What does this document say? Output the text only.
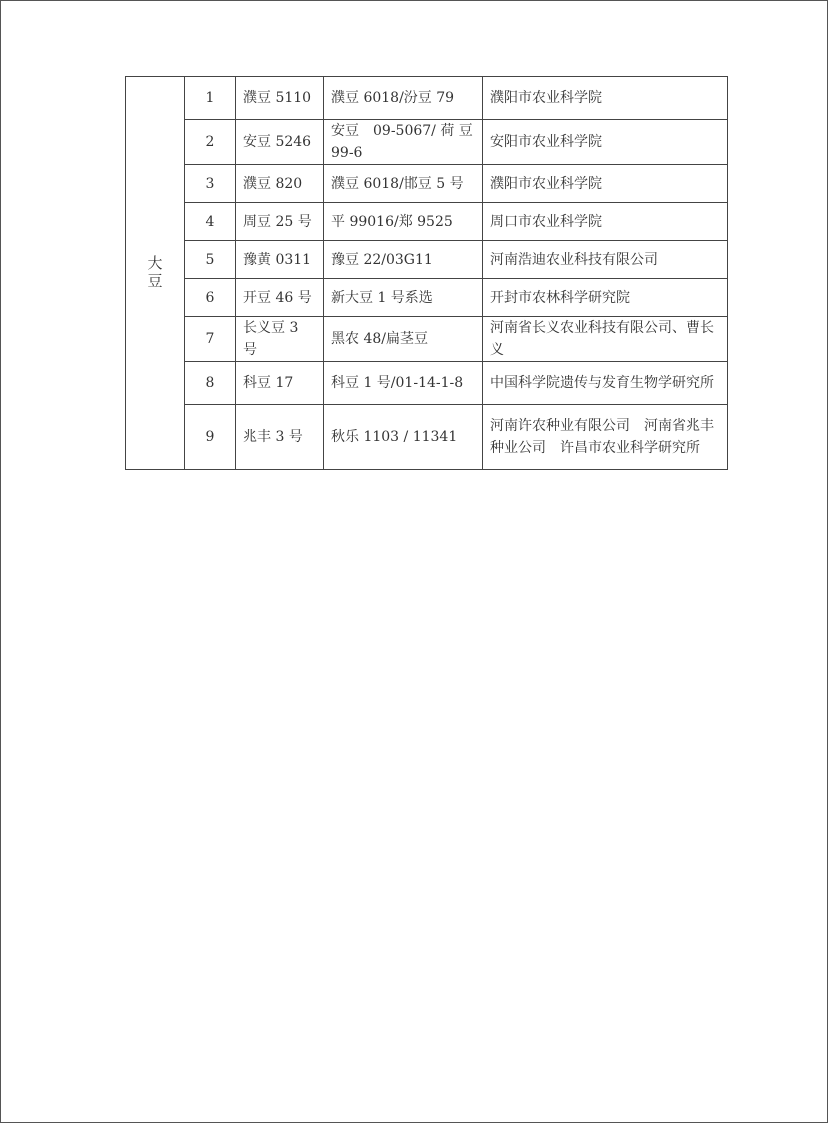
大豆	1	濮豆 5110	濮豆 6018/汾豆 79	濮阳市农业科学院
	2	安豆 5246	安豆　09-5067/ 荷 豆 99-6	安阳市农业科学院
	3	濮豆 820	濮豆 6018/邯豆 5 号	濮阳市农业科学院
	4	周豆 25 号	平 99016/郑 9525	周口市农业科学院
	5	豫黄 0311	豫豆 22/03G11	河南浩迪农业科技有限公司
	6	开豆 46 号	新大豆 1 号系选	开封市农林科学研究院
	7	长义豆 3 号	黑农 48/扁茎豆	河南省长义农业科技有限公司、曹长义
	8	科豆 17	科豆 1 号/01-14-1-8	中国科学院遗传与发育生物学研究所
	9	兆丰 3 号	秋乐 1103 / 11341	河南许农种业有限公司　河南省兆丰种业公司　许昌市农业科学研究所
